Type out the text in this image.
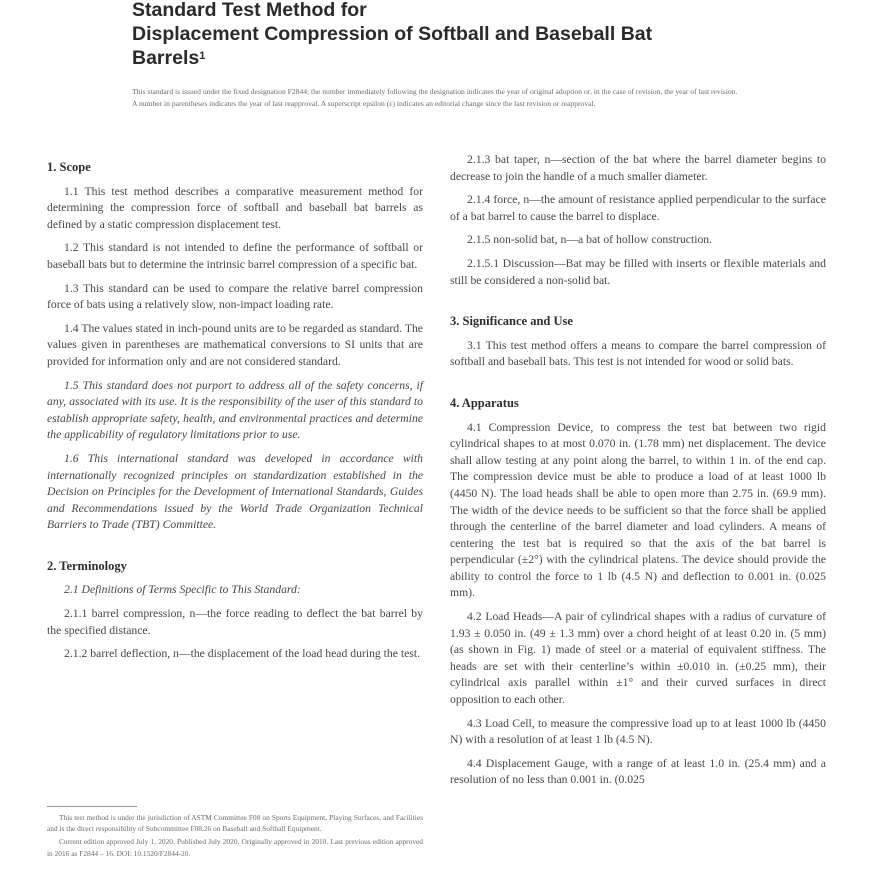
Standard Test Method for
Displacement Compression of Softball and Baseball Bat
Barrels$^1$
This standard is issued under the fixed designation F2844; the number immediately following the designation indicates the year of original adoption or, in the case of revision, the year of last revision. A number in parentheses indicates the year of last reapproval. A superscript epsilon (ε) indicates an editorial change since the last revision or reapproval.
1. Scope

1.1 This test method describes a comparative measurement method for determining the compression force of softball and baseball bat barrels as defined by a static compression displacement test.

1.2 This standard is not intended to define the performance of softball or baseball bats but to determine the intrinsic barrel compression of a specific bat.

1.3 This standard can be used to compare the relative barrel compression force of bats using a relatively slow, non-impact loading rate.

1.4 The values stated in inch-pound units are to be regarded as standard. The values given in parentheses are mathematical conversions to SI units that are provided for information only and are not considered standard.

1.5 This standard does not purport to address all of the safety concerns, if any, associated with its use. It is the responsibility of the user of this standard to establish appropriate safety, health, and environmental practices and determine the applicability of regulatory limitations prior to use.

1.6 This international standard was developed in accordance with internationally recognized principles on standardization established in the Decision on Principles for the Development of International Standards, Guides and Recommendations issued by the World Trade Organization Technical Barriers to Trade (TBT) Committee.

2. Terminology

2.1 Definitions of Terms Specific to This Standard:

2.1.1 barrel compression, n—the force reading to deflect the bat barrel by the specified distance.

2.1.2 barrel deflection, n—the displacement of the load head during the test.

2.1.3 bat taper, n—section of the bat where the barrel diameter begins to decrease to join the handle of a much smaller diameter.

2.1.4 force, n—the amount of resistance applied perpendicular to the surface of a bat barrel to cause the barrel to displace.

2.1.5 non-solid bat, n—a bat of hollow construction.

2.1.5.1 Discussion—Bat may be filled with inserts or flexible materials and still be considered a non-solid bat.

3. Significance and Use

3.1 This test method offers a means to compare the barrel compression of softball and baseball bats. This test is not intended for wood or solid bats.

4. Apparatus

4.1 Compression Device, to compress the test bat between two rigid cylindrical shapes to at most 0.070 in. (1.78 mm) net displacement. The device shall allow testing at any point along the barrel, to within 1 in. of the end cap. The compression device must be able to produce a load of at least 1000 lb (4450 N). The load heads shall be able to open more than 2.75 in. (69.9 mm). The width of the device needs to be sufficient so that the force shall be applied through the centerline of the barrel diameter and load cylinders. A means of centering the test bat is required so that the axis of the bat barrel is perpendicular (±2°) with the cylindrical platens. The device should provide the ability to control the force to 1 lb (4.5 N) and deflection to 0.001 in. (0.025 mm).

4.2 Load Heads—A pair of cylindrical shapes with a radius of curvature of 1.93 ± 0.050 in. (49 ± 1.3 mm) over a chord height of at least 0.20 in. (5 mm) (as shown in Fig. 1) made of steel or a material of equivalent stiffness. The heads are set with their centerline’s within ±0.010 in. (±0.25 mm), their cylindrical axis parallel within ±1° and their curved surfaces in direct opposition to each other.

4.3 Load Cell, to measure the compressive load up to at least 1000 lb (4450 N) with a resolution of at least 1 lb (4.5 N).

4.4 Displacement Gauge, with a range of at least 1.0 in. (25.4 mm) and a resolution of no less than 0.001 in. (0.025

This test method is under the jurisdiction of ASTM Committee F08 on Sports Equipment, Playing Surfaces, and Facilities and is the direct responsibility of Subcommittee F08.26 on Baseball and Softball Equipment.

Current edition approved July 1, 2020. Published July 2020. Originally approved in 2010. Last previous edition approved in 2016 as F2844 – 16. DOI: 10.1520/F2844-20.
